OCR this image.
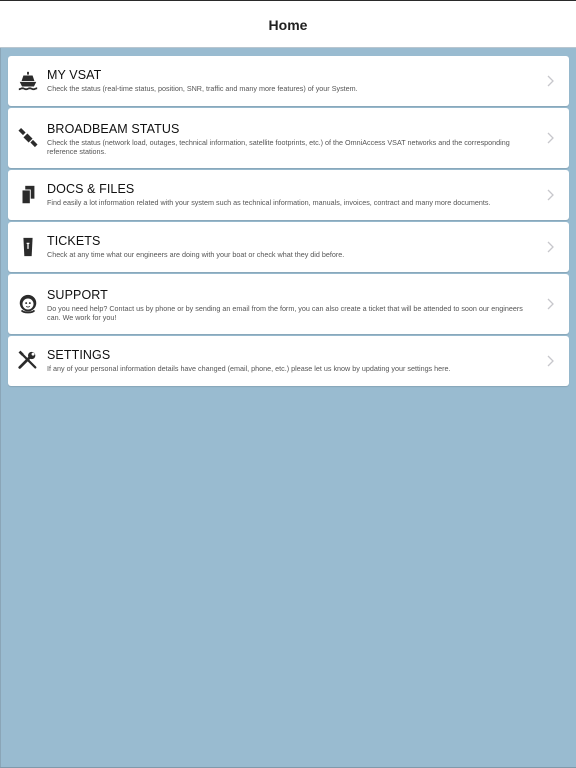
Home
MY VSAT
Check the status (real-time status, position, SNR, traffic and many more features) of your System.
BROADBEAM STATUS
Check the status (network load, outages, technical information, satellite footprints, etc.) of the OmniAccess VSAT networks and the corresponding reference stations.
DOCS & FILES
Find easily a lot information related with your system such as technical information, manuals, invoices, contract and many more documents.
TICKETS
Check at any time what our engineers are doing with your boat or check what they did before.
SUPPORT
Do you need help? Contact us by phone or by sending an email from the form, you can also create a ticket that will be attended to soon our engineers can. We work for you!
SETTINGS
If any of your personal information details have changed (email, phone, etc.) please let us know by updating your settings here.
